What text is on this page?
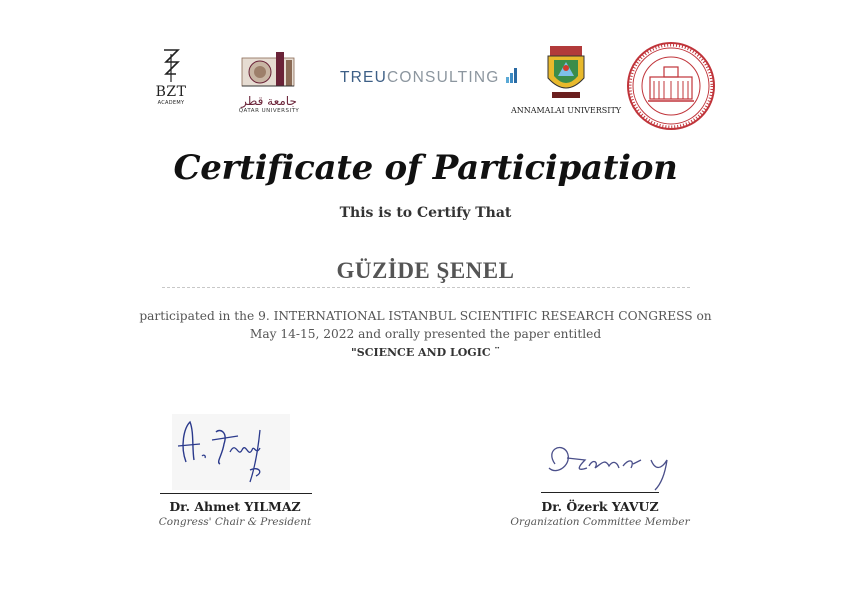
BZT
ACADEMY	جامعة قطر
QATAR UNIVERSITY
TREUCONSULTING
ANNAMALAI UNIVERSITY
Certificate of Participation
This is to Certify That
GÜZİDE ŞENEL
participated in the 9. INTERNATIONAL ISTANBUL SCIENTIFIC RESEARCH CONGRESS on
May 14-15, 2022 and orally presented the paper entitled
"SCIENCE AND LOGIC ¨
Dr. Ahmet YILMAZ
Congress' Chair & President
Dr. Özerk YAVUZ
Organization Committee Member
